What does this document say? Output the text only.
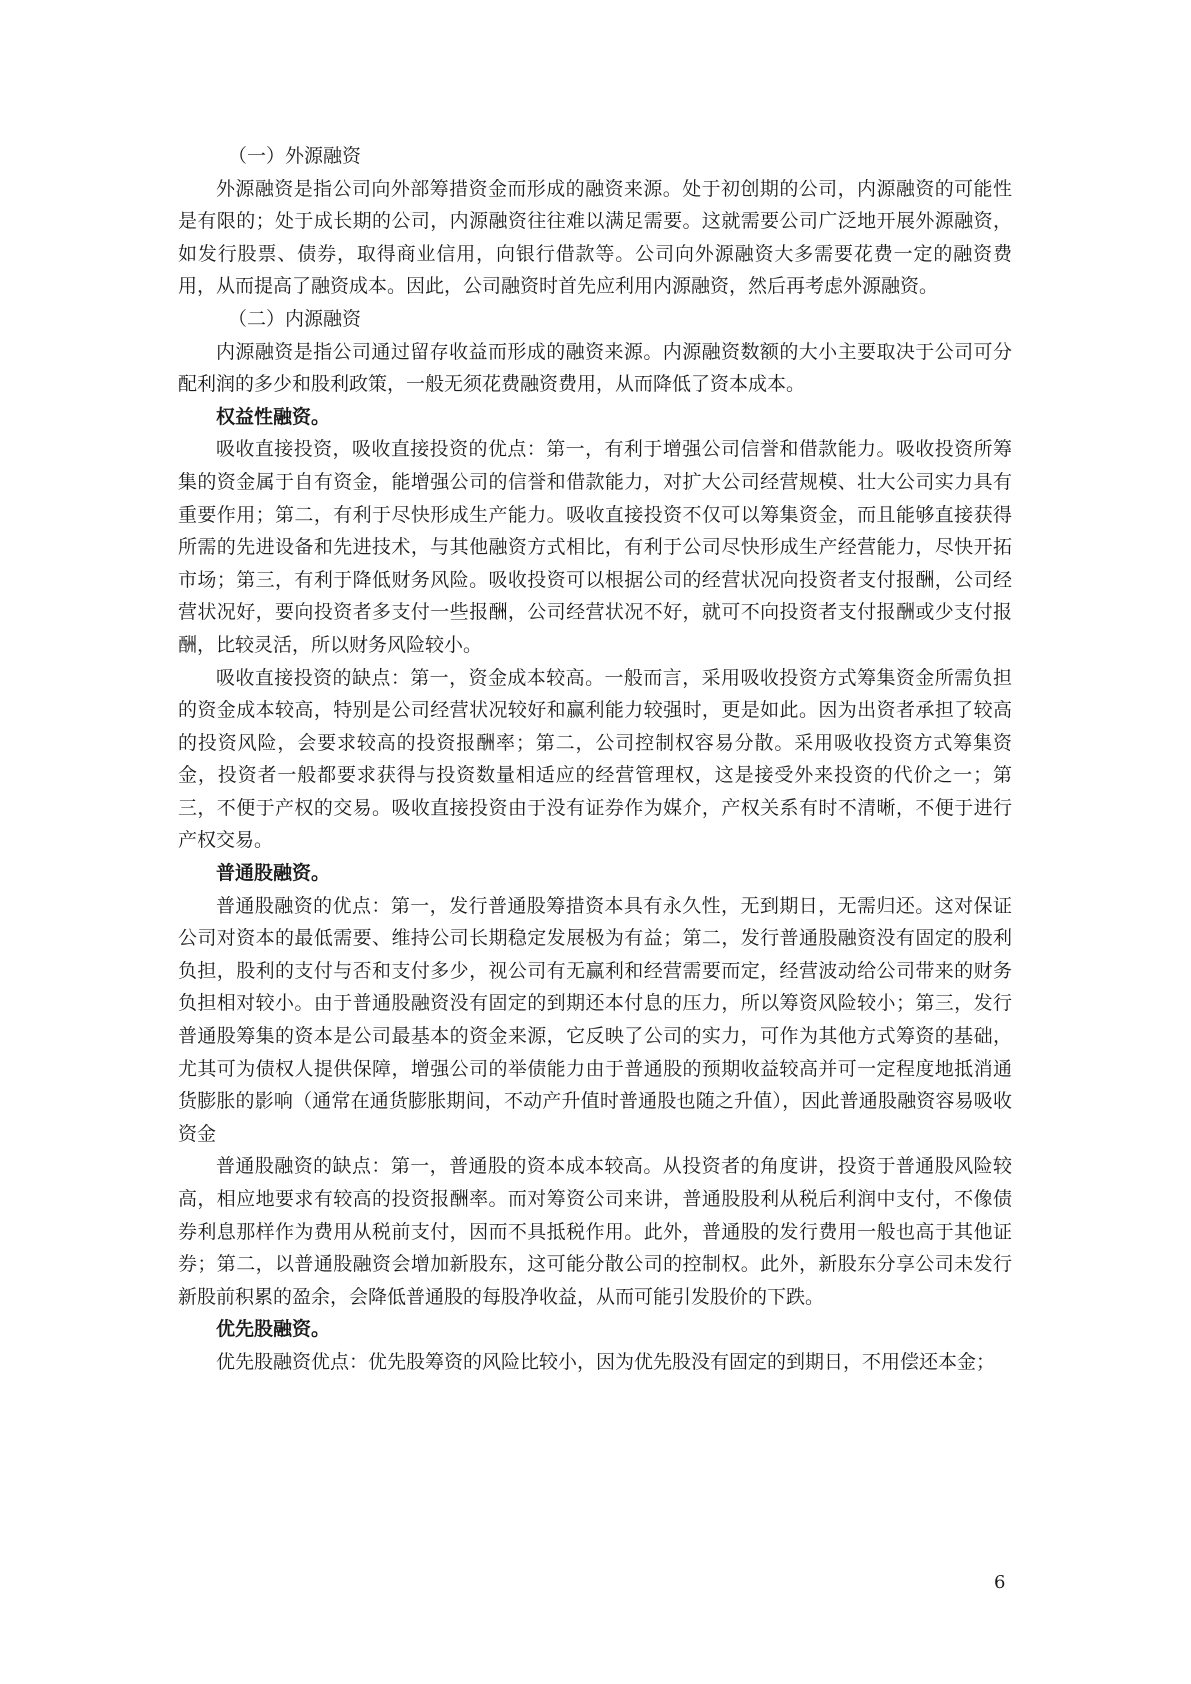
（一）外源融资

外源融资是指公司向外部筹措资金而形成的融资来源。处于初创期的公司，内源融资的可能性是有限的；处于成长期的公司，内源融资往往难以满足需要。这就需要公司广泛地开展外源融资，如发行股票、债券，取得商业信用，向银行借款等。公司向外源融资大多需要花费一定的融资费用，从而提高了融资成本。因此，公司融资时首先应利用内源融资，然后再考虑外源融资。

（二）内源融资

内源融资是指公司通过留存收益而形成的融资来源。内源融资数额的大小主要取决于公司可分配利润的多少和股利政策，一般无须花费融资费用，从而降低了资本成本。

权益性融资。

吸收直接投资，吸收直接投资的优点：第一，有利于增强公司信誉和借款能力。吸收投资所筹集的资金属于自有资金，能增强公司的信誉和借款能力，对扩大公司经营规模、壮大公司实力具有重要作用；第二，有利于尽快形成生产能力。吸收直接投资不仅可以筹集资金，而且能够直接获得所需的先进设备和先进技术，与其他融资方式相比，有利于公司尽快形成生产经营能力，尽快开拓市场；第三，有利于降低财务风险。吸收投资可以根据公司的经营状况向投资者支付报酬，公司经营状况好，要向投资者多支付一些报酬，公司经营状况不好，就可不向投资者支付报酬或少支付报酬，比较灵活，所以财务风险较小。

吸收直接投资的缺点：第一，资金成本较高。一般而言，采用吸收投资方式筹集资金所需负担的资金成本较高，特别是公司经营状况较好和赢利能力较强时，更是如此。因为出资者承担了较高的投资风险，会要求较高的投资报酬率；第二，公司控制权容易分散。采用吸收投资方式筹集资金，投资者一般都要求获得与投资数量相适应的经营管理权，这是接受外来投资的代价之一；第三，不便于产权的交易。吸收直接投资由于没有证券作为媒介，产权关系有时不清晰，不便于进行产权交易。

普通股融资。

普通股融资的优点：第一，发行普通股筹措资本具有永久性，无到期日，无需归还。这对保证公司对资本的最低需要、维持公司长期稳定发展极为有益；第二，发行普通股融资没有固定的股利负担，股利的支付与否和支付多少，视公司有无赢利和经营需要而定，经营波动给公司带来的财务负担相对较小。由于普通股融资没有固定的到期还本付息的压力，所以筹资风险较小；第三，发行普通股筹集的资本是公司最基本的资金来源，它反映了公司的实力，可作为其他方式筹资的基础，尤其可为债权人提供保障，增强公司的举债能力由于普通股的预期收益较高并可一定程度地抵消通货膨胀的影响（通常在通货膨胀期间，不动产升值时普通股也随之升值），因此普通股融资容易吸收资金

普通股融资的缺点：第一，普通股的资本成本较高。从投资者的角度讲，投资于普通股风险较高，相应地要求有较高的投资报酬率。而对筹资公司来讲，普通股股利从税后利润中支付，不像债券利息那样作为费用从税前支付，因而不具抵税作用。此外，普通股的发行费用一般也高于其他证券；第二，以普通股融资会增加新股东，这可能分散公司的控制权。此外，新股东分享公司未发行新股前积累的盈余，会降低普通股的每股净收益，从而可能引发股价的下跌。

优先股融资。

优先股融资优点：优先股筹资的风险比较小，因为优先股没有固定的到期日，不用偿还本金；

6
